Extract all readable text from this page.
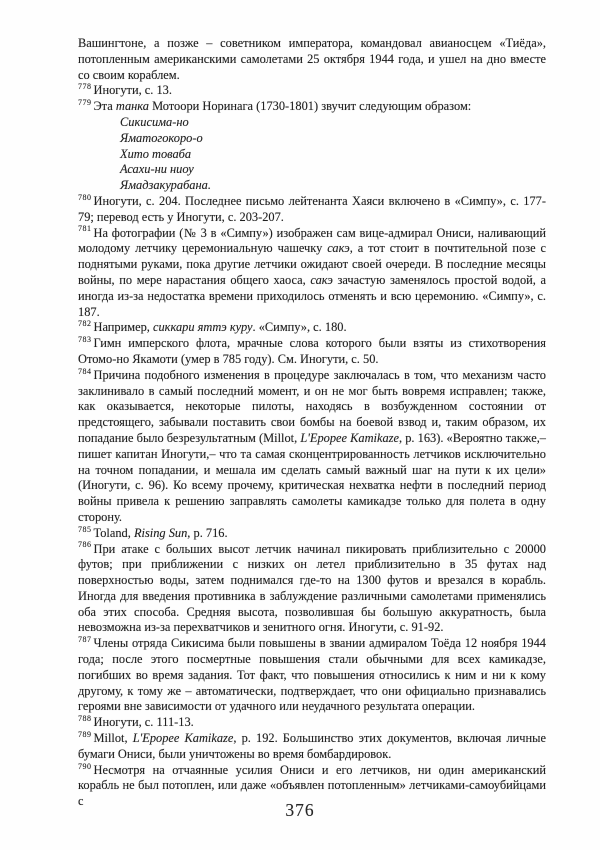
Вашингтоне, а позже – советником императора, командовал авианосцем «Тиёда», потопленным американскими самолетами 25 октября 1944 года, и ушел на дно вместе со своим кораблем.
$^{778}$ Иногути, с. 13.
$^{779}$ Эта танка Мотоори Норинага (1730-1801) звучит следующим образом:
Сикисима-но
Яматогокоро-о
Хито товаба
Асахи-ни ниоу
Ямадзакурабана.
$^{780}$ Иногути, с. 204. Последнее письмо лейтенанта Хаяси включено в «Симпу», с. 177-79; перевод есть у Иногути, с. 203-207.
$^{781}$ На фотографии (№ 3 в «Симпу») изображен сам вице-адмирал Ониси, наливающий молодому летчику церемониальную чашечку сакэ, а тот стоит в почтительной позе с поднятыми руками, пока другие летчики ожидают своей очереди. В последние месяцы войны, по мере нарастания общего хаоса, сакэ зачастую заменялось простой водой, а иногда из-за недостатка времени приходилось отменять и всю церемонию. «Симпу», с. 187.
$^{782}$ Например, сиккари яттэ куру. «Симпу», с. 180.
$^{783}$ Гимн имперского флота, мрачные слова которого были взяты из стихотворения Отомо-но Якамоти (умер в 785 году). См. Иногути, с. 50.
$^{784}$ Причина подобного изменения в процедуре заключалась в том, что механизм часто заклинивало в самый последний момент, и он не мог быть вовремя исправлен; также, как оказывается, некоторые пилоты, находясь в возбужденном состоянии от предстоящего, забывали поставить свои бомбы на боевой взвод и, таким образом, их попадание было безрезультатным (Millot, L'Epopee Kamikaze, p. 163). «Вероятно также,– пишет капитан Иногути,– что та самая сконцентрированность летчиков исключительно на точном попадании, и мешала им сделать самый важный шаг на пути к их цели» (Иногути, с. 96). Ко всему прочему, критическая нехватка нефти в последний период войны привела к решению заправлять самолеты камикадзе только для полета в одну сторону.
$^{785}$ Toland, Rising Sun, p. 716.
$^{786}$ При атаке с больших высот летчик начинал пикировать приблизительно с 20000 футов; при приближении с низких он летел приблизительно в 35 футах над поверхностью воды, затем поднимался где-то на 1300 футов и врезался в корабль. Иногда для введения противника в заблуждение различными самолетами применялись оба этих способа. Средняя высота, позволившая бы большую аккуратность, была невозможна из-за перехватчиков и зенитного огня. Иногути, с. 91-92.
$^{787}$ Члены отряда Сикисима были повышены в звании адмиралом Тоёда 12 ноября 1944 года; после этого посмертные повышения стали обычными для всех камикадзе, погибших во время задания. Тот факт, что повышения относились к ним и ни к кому другому, к тому же – автоматически, подтверждает, что они официально признавались героями вне зависимости от удачного или неудачного результата операции.
$^{788}$ Иногути, с. 111-13.
$^{789}$ Millot, L'Epopee Kamikaze, p. 192. Большинство этих документов, включая личные бумаги Ониси, были уничтожены во время бомбардировок.
$^{790}$ Несмотря на отчаянные усилия Ониси и его летчиков, ни один американский корабль не был потоплен, или даже «объявлен потопленным» летчиками-самоубийцами с	376
